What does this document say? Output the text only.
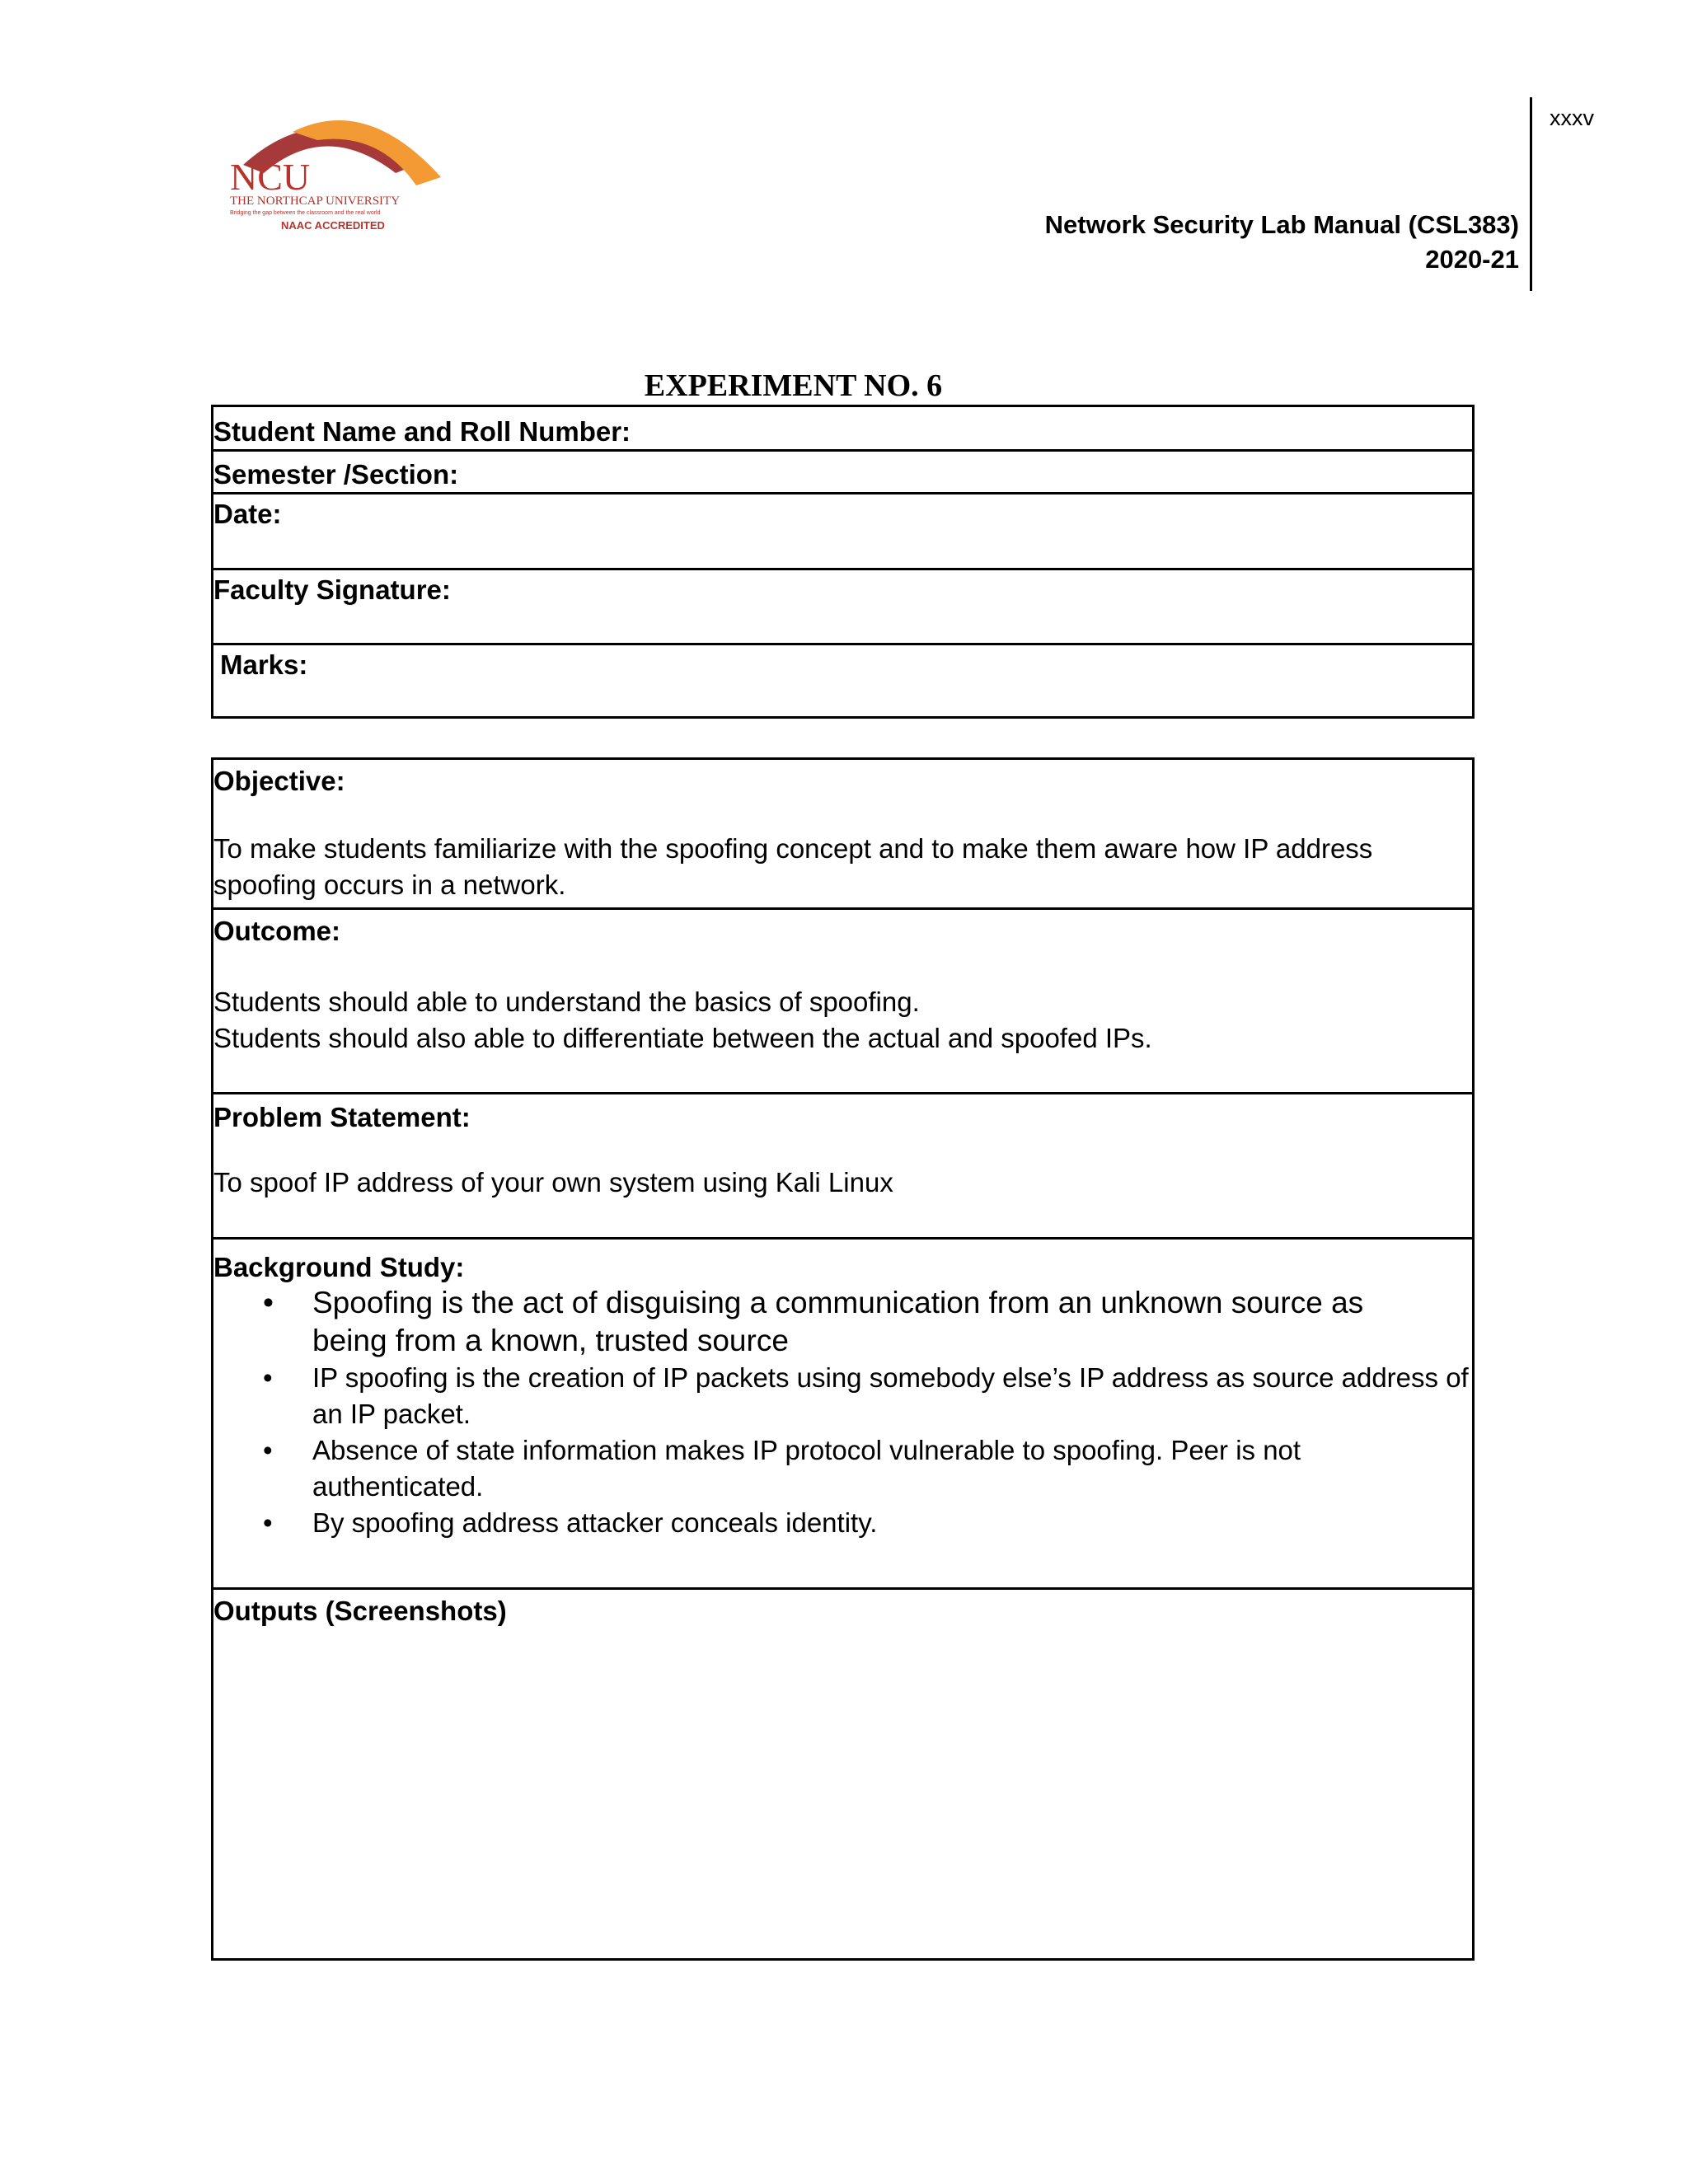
NCU
THE NORTHCAP UNIVERSITY
Bridging the gap between the classroom and the real world
NAAC ACCREDITED
xxxv
Network Security Lab Manual (CSL383)
2020-21
EXPERIMENT NO. 6
Student Name and Roll Number:
Semester /Section:
Date:
Faculty Signature:
Marks:
Objective:
To make students familiarize with the spoofing concept and to make them aware how IP address spoofing occurs in a network.
Outcome:
Students should able to understand the basics of spoofing.
Students should also able to differentiate between the actual and spoofed IPs.
Problem Statement:
To spoof IP address of your own system using Kali Linux
Background Study:
• Spoofing is the act of disguising a communication from an unknown source as being from a known, trusted source
• IP spoofing is the creation of IP packets using somebody else’s IP address as source address of an IP packet.
• Absence of state information makes IP protocol vulnerable to spoofing. Peer is not authenticated.
• By spoofing address attacker conceals identity.
Outputs (Screenshots)
